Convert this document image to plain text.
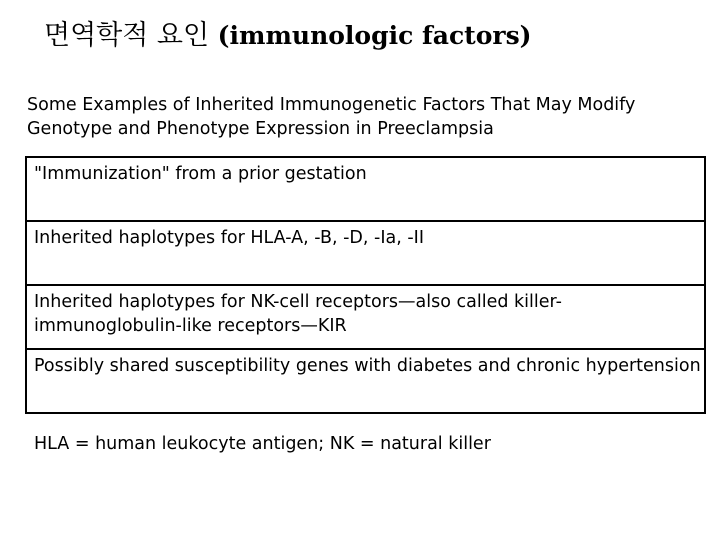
면역학적 요인 (immunologic factors)
Some Examples of Inherited Immunogenetic Factors That May Modify Genotype and Phenotype Expression in Preeclampsia
"Immunization" from a prior gestation
Inherited haplotypes for HLA-A, -B, -D, -Ia, -II
Inherited haplotypes for NK-cell receptors—also called killer-immunoglobulin-like receptors—KIR
Possibly shared susceptibility genes with diabetes and chronic hypertension
HLA = human leukocyte antigen; NK = natural killer
